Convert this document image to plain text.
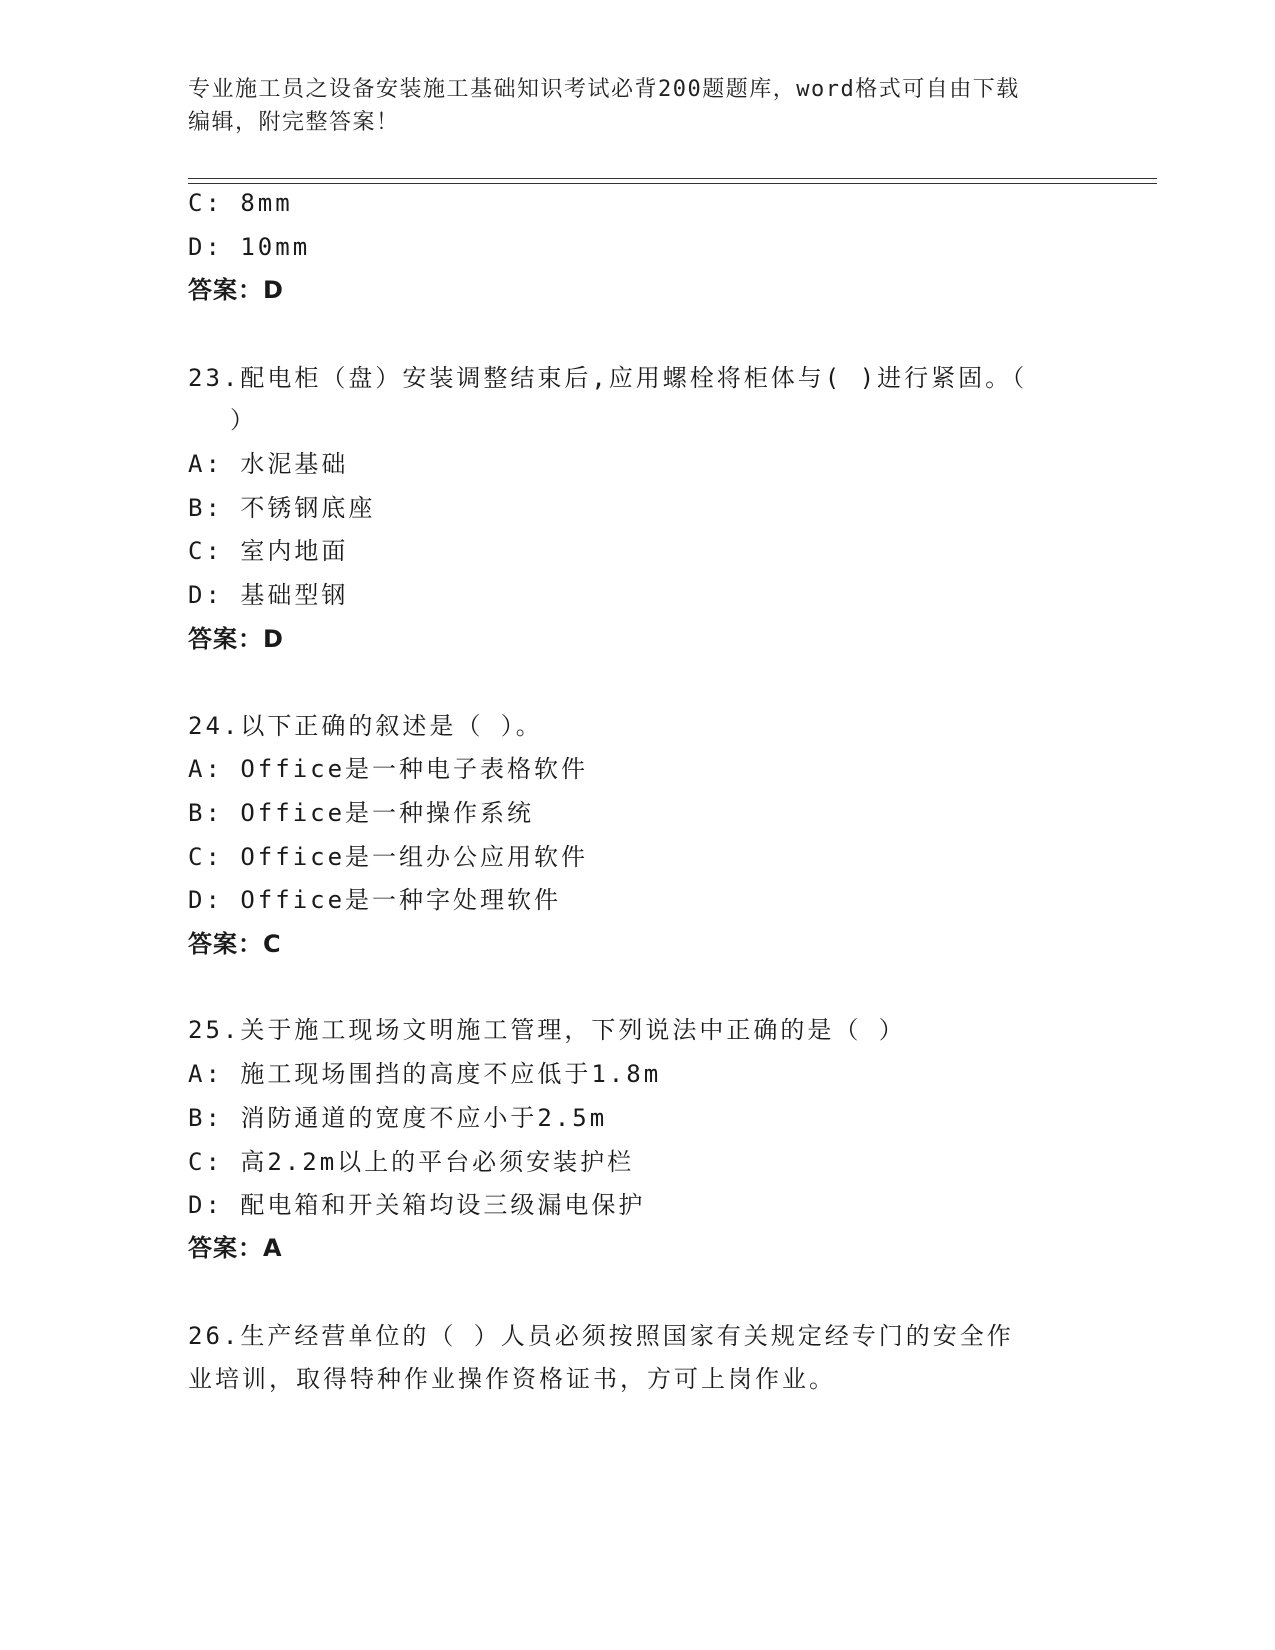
专业施工员之设备安装施工基础知识考试必背200题题库，word格式可自由下载
编辑，附完整答案！
C: 8mm
D: 10mm
答案：D
23.配电柜（盘）安装调整结束后,应用螺栓将柜体与( )进行紧固。（
）
A: 水泥基础
B: 不锈钢底座
C: 室内地面
D: 基础型钢
答案：D
24.以下正确的叙述是（ ）。
A: Office是一种电子表格软件
B: Office是一种操作系统
C: Office是一组办公应用软件
D: Office是一种字处理软件
答案：C
25.关于施工现场文明施工管理，下列说法中正确的是（ ）
A: 施工现场围挡的高度不应低于1.8m
B: 消防通道的宽度不应小于2.5m
C: 高2.2m以上的平台必须安装护栏
D: 配电箱和开关箱均设三级漏电保护
答案：A
26.生产经营单位的（ ）人员必须按照国家有关规定经专门的安全作
业培训，取得特种作业操作资格证书，方可上岗作业。
